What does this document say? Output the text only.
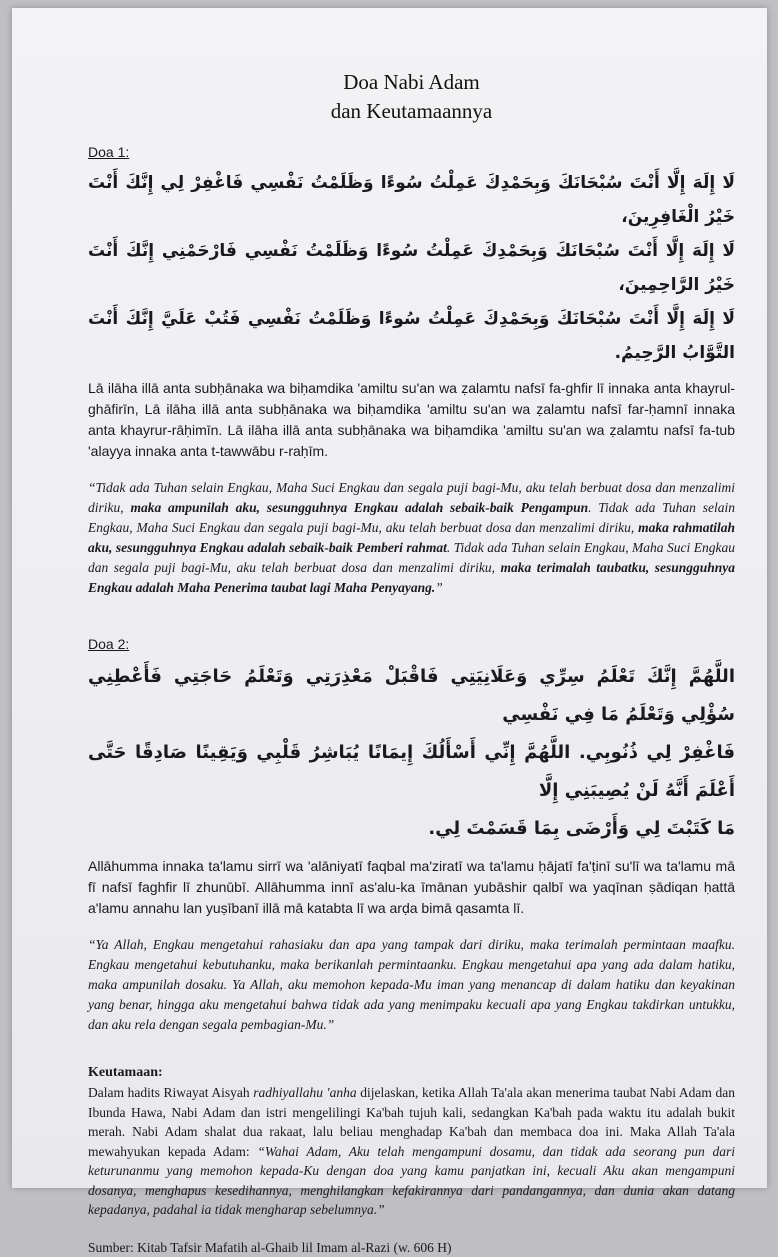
Doa Nabi Adam
dan Keutamaannya
Doa 1:
لَا إِلَهَ إِلَّا أَنْتَ سُبْحَانَكَ وَبِحَمْدِكَ عَمِلْتُ سُوءًا وَظَلَمْتُ نَفْسِي فَاغْفِرْ لِي إِنَّكَ أَنْتَ خَيْرُ الْغَافِرِينَ،
لَا إِلَهَ إِلَّا أَنْتَ سُبْحَانَكَ وَبِحَمْدِكَ عَمِلْتُ سُوءًا وَظَلَمْتُ نَفْسِي فَارْحَمْنِي إِنَّكَ أَنْتَ خَيْرُ الرَّاحِمِينَ،
لَا إِلَهَ إِلَّا أَنْتَ سُبْحَانَكَ وَبِحَمْدِكَ عَمِلْتُ سُوءًا وَظَلَمْتُ نَفْسِي فَتُبْ عَلَيَّ إِنَّكَ أَنْتَ التَّوَّابُ الرَّحِيمُ.

Lā ilāha illā anta subḥānaka wa biḥamdika 'amiltu su'an wa ẓalamtu nafsī fa-ghfir lī innaka anta khayrul-ghāfirīn, Lā ilāha illā anta subḥānaka wa biḥamdika 'amiltu su'an wa ẓalamtu nafsī far-ḥamnī innaka anta khayrur-rāḥimīn. Lā ilāha illā anta subḥānaka wa biḥamdika 'amiltu su'an wa ẓalamtu nafsī fa-tub 'alayya innaka anta t-tawwābu r-raḥīm.

“Tidak ada Tuhan selain Engkau, Maha Suci Engkau dan segala puji bagi-Mu, aku telah berbuat dosa dan menzalimi diriku, maka ampunilah aku, sesungguhnya Engkau adalah sebaik-baik Pengampun. Tidak ada Tuhan selain Engkau, Maha Suci Engkau dan segala puji bagi-Mu, aku telah berbuat dosa dan menzalimi diriku, maka rahmatilah aku, sesungguhnya Engkau adalah sebaik-baik Pemberi rahmat. Tidak ada Tuhan selain Engkau, Maha Suci Engkau dan segala puji bagi-Mu, aku telah berbuat dosa dan menzalimi diriku, maka terimalah taubatku, sesungguhnya Engkau adalah Maha Penerima taubat lagi Maha Penyayang.”

Doa 2:
اللَّهُمَّ إِنَّكَ تَعْلَمُ سِرِّي وَعَلَانِيَتِي فَاقْبَلْ مَعْذِرَتِي وَتَعْلَمُ حَاجَتِي فَأَعْطِنِي سُؤْلِي وَتَعْلَمُ مَا فِي نَفْسِي
فَاغْفِرْ لِي ذُنُوبِي. اللَّهُمَّ إِنِّي أَسْأَلُكَ إِيمَانًا يُبَاشِرُ قَلْبِي وَيَقِينًا صَادِقًا حَتَّى أَعْلَمَ أَنَّهُ لَنْ يُصِيبَنِي إِلَّا
مَا كَتَبْتَ لِي وَأَرْضَى بِمَا قَسَمْتَ لِي.

Allāhumma innaka ta'lamu sirrī wa 'alāniyatī faqbal ma'ziratī wa ta'lamu ḥājatī fa'ṭinī su'lī wa ta'lamu mā fī nafsī faghfir lī zhunūbī. Allāhumma innī as'alu-ka īmānan yubāshir qalbī wa yaqīnan ṣādiqan ḥattā a'lamu annahu lan yuṣībanī illā mā katabta lī wa arḍa bimā qasamta lī.

“Ya Allah, Engkau mengetahui rahasiaku dan apa yang tampak dari diriku, maka terimalah permintaan maafku. Engkau mengetahui kebutuhanku, maka berikanlah permintaanku. Engkau mengetahui apa yang ada dalam hatiku, maka ampunilah dosaku. Ya Allah, aku memohon kepada-Mu iman yang menancap di dalam hatiku dan keyakinan yang benar, hingga aku mengetahui bahwa tidak ada yang menimpaku kecuali apa yang Engkau takdirkan untukku, dan aku rela dengan segala pembagian-Mu.”

Keutamaan:

Dalam hadits Riwayat Aisyah radhiyallahu 'anha dijelaskan, ketika Allah Ta'ala akan menerima taubat Nabi Adam dan Ibunda Hawa, Nabi Adam dan istri mengelilingi Ka'bah tujuh kali, sedangkan Ka'bah pada waktu itu adalah bukit merah. Nabi Adam shalat dua rakaat, lalu beliau menghadap Ka'bah dan membaca doa ini. Maka Allah Ta'ala mewahyukan kepada Adam: “Wahai Adam, Aku telah mengampuni dosamu, dan tidak ada seorang pun dari keturunanmu yang memohon kepada-Ku dengan doa yang kamu panjatkan ini, kecuali Aku akan mengampuni dosanya, menghapus kesedihannya, menghilangkan kefakirannya dari pandangannya, dan dunia akan datang kepadanya, padahal ia tidak mengharap sebelumnya.”

Sumber: Kitab Tafsir Mafatih al-Ghaib lil Imam al-Razi (w. 606 H)
